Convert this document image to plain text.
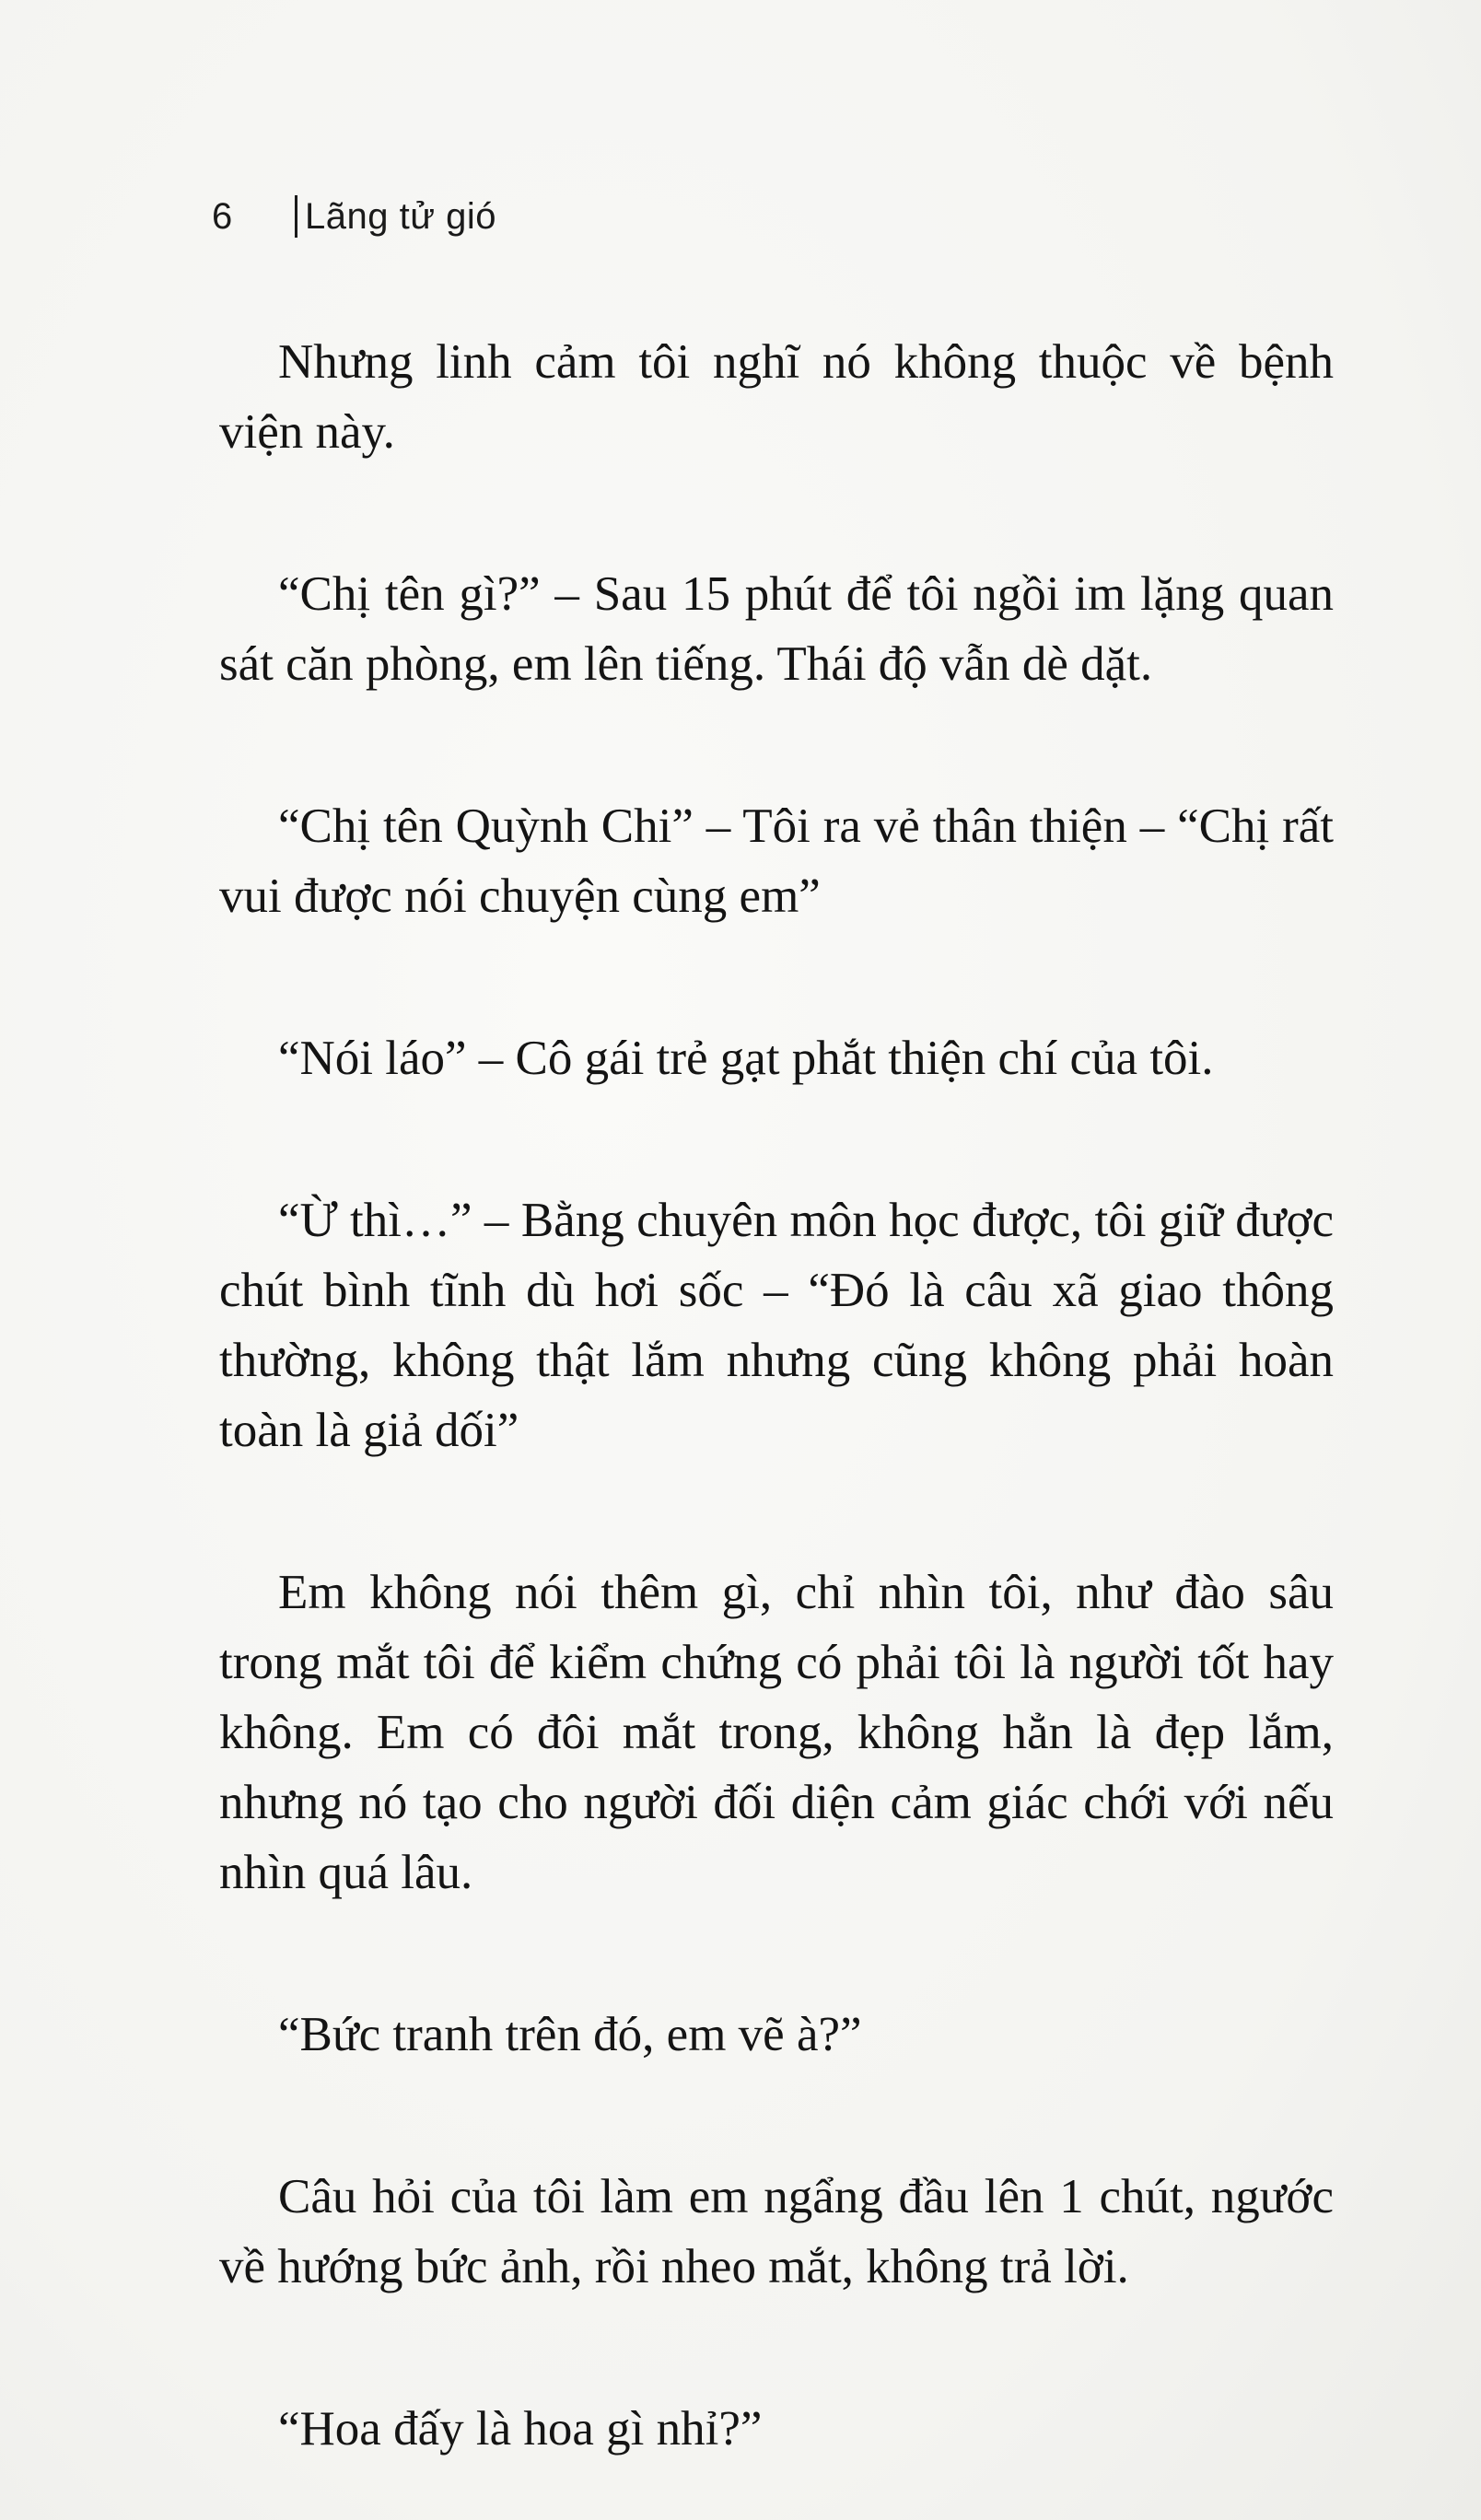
6	Lãng tử gió

Nhưng linh cảm tôi nghĩ nó không thuộc về bệnh viện này.

“Chị tên gì?” – Sau 15 phút để tôi ngồi im lặng quan sát căn phòng, em lên tiếng. Thái độ vẫn dè dặt.

“Chị tên Quỳnh Chi” – Tôi ra vẻ thân thiện – “Chị rất vui được nói chuyện cùng em”

“Nói láo” – Cô gái trẻ gạt phắt thiện chí của tôi.

“Ừ thì…” – Bằng chuyên môn học được, tôi giữ được chút bình tĩnh dù hơi sốc – “Đó là câu xã giao thông thường, không thật lắm nhưng cũng không phải hoàn toàn là giả dối”

Em không nói thêm gì, chỉ nhìn tôi, như đào sâu trong mắt tôi để kiểm chứng có phải tôi là người tốt hay không. Em có đôi mắt trong, không hẳn là đẹp lắm, nhưng nó tạo cho người đối diện cảm giác chới với nếu nhìn quá lâu.

“Bức tranh trên đó, em vẽ à?”

Câu hỏi của tôi làm em ngẩng đầu lên 1 chút, ngước về hướng bức ảnh, rồi nheo mắt, không trả lời.

“Hoa đấy là hoa gì nhỉ?”
